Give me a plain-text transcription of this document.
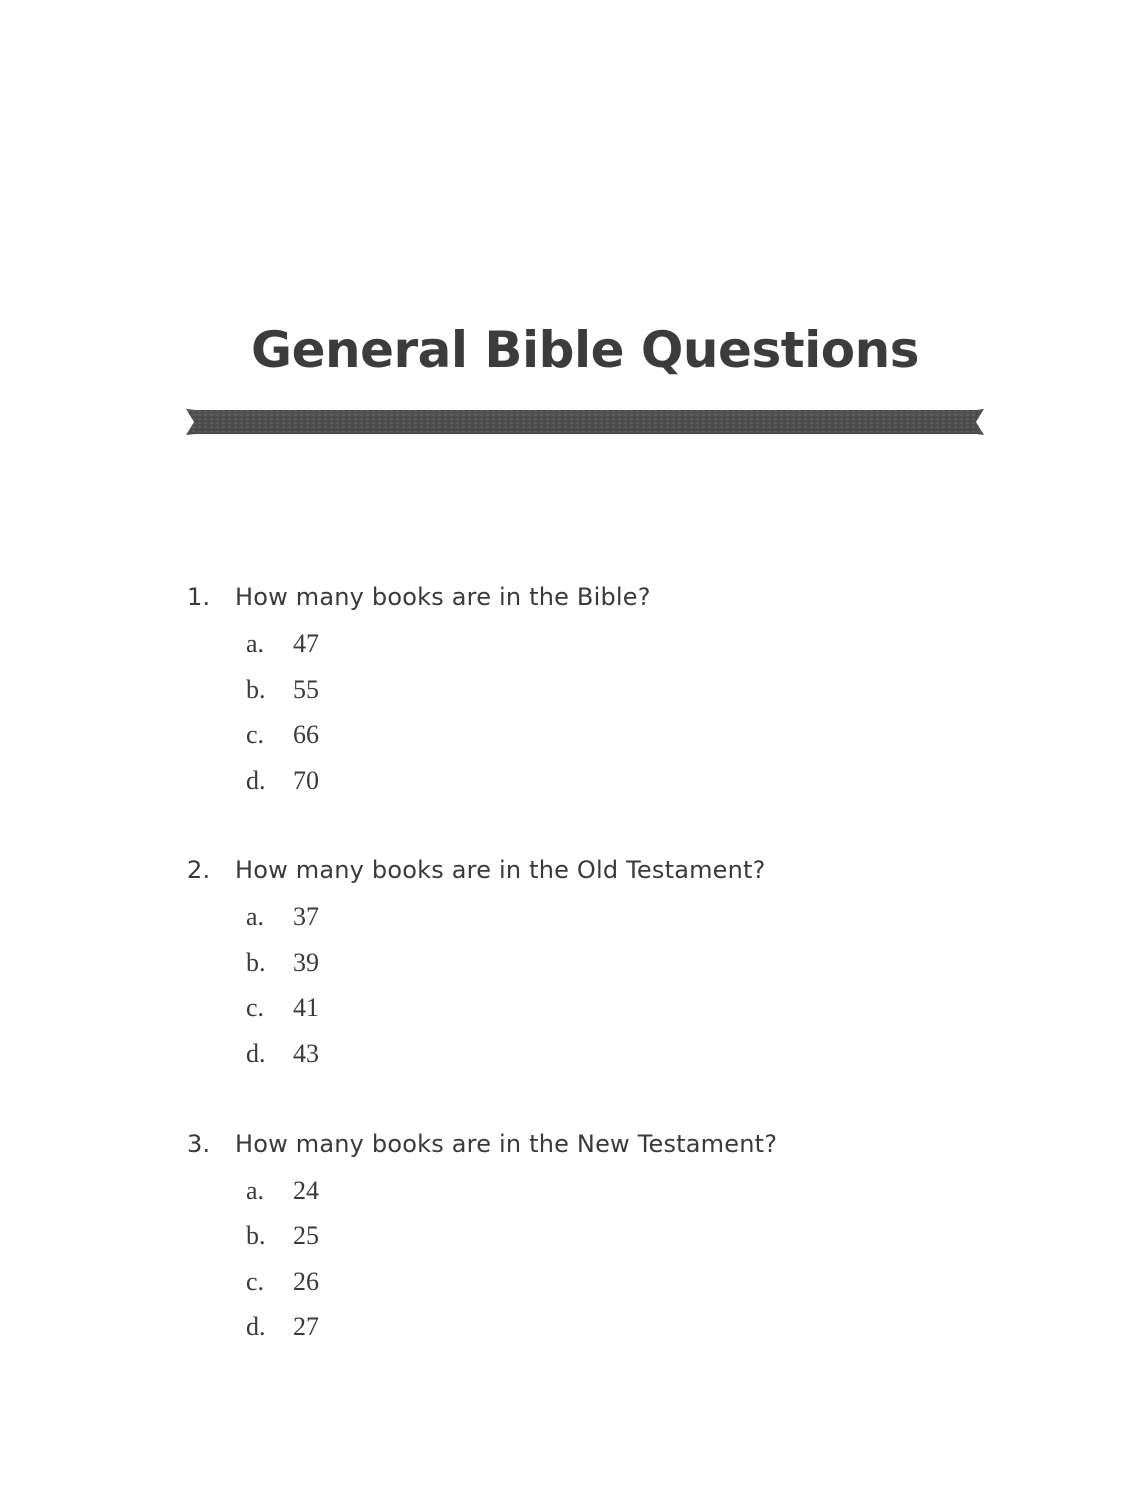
General Bible Questions
1. How many books are in the Bible?
a. 47
b. 55
c. 66
d. 70
2. How many books are in the Old Testament?
a. 37
b. 39
c. 41
d. 43
3. How many books are in the New Testament?
a. 24
b. 25
c. 26
d. 27
